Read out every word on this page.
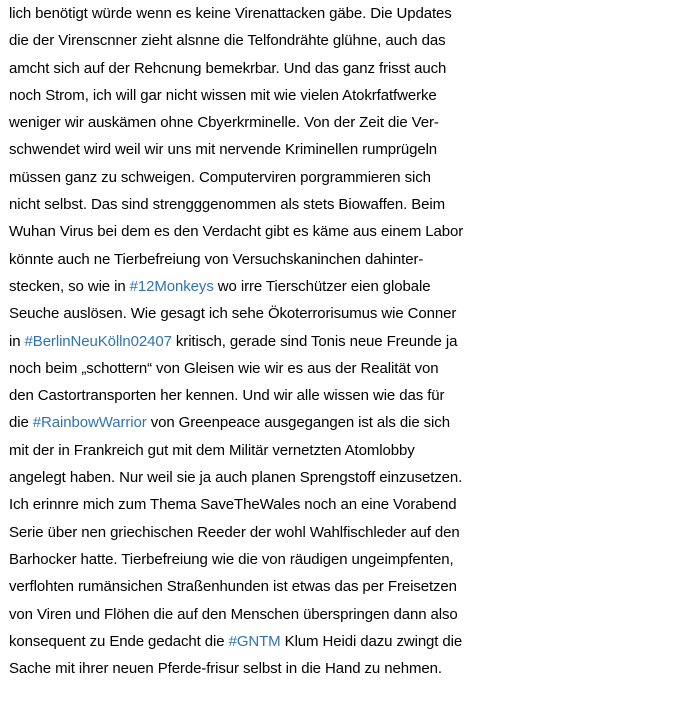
lich benötigt würde wenn es keine Virenattacken gäbe. Die Updates
die der Virenscnner zieht alsnne die Telfondrähte glühne, auch das
amcht sich auf der Rehcnung bemekrbar. Und das ganz frisst auch
noch Strom, ich will gar nicht wissen mit wie vielen Atokrfatfwerke
weniger wir auskämen ohne Cbyerkrminelle. Von der Zeit die Ver-
schwendet wird weil wir uns mit nervende Kriminellen rumprügeln
müssen ganz zu schweigen. Computerviren porgrammieren sich
nicht selbst. Das sind strengggenommen als stets Biowaffen. Beim
Wuhan Virus bei dem es den Verdacht gibt es käme aus einem Labor
könnte auch ne Tierbefreiung von Versuchskaninchen dahinter-
stecken, so wie in #12Monkeys wo irre Tierschützer eien globale
Seuche auslösen. Wie gesagt ich sehe Ökoterrorisumus wie Conner
in #BerlinNeuKölln02407 kritisch, gerade sind Tonis neue Freunde ja
noch beim „schottern“ von Gleisen wie wir es aus der Realität von
den Castortransporten her kennen. Und wir alle wissen wie das für
die #RainbowWarrior von Greenpeace ausgegangen ist als die sich
mit der in Frankreich gut mit dem Militär vernetzten Atomlobby
angelegt haben. Nur weil sie ja auch planen Sprengstoff einzusetzen.
Ich erinnre mich zum Thema SaveTheWales noch an eine Vorabend
Serie über nen griechischen Reeder der wohl Wahlfischleder auf den
Barhocker hatte. Tierbefreiung wie die von räudigen ungeimpfenten,
verflohten rumänsichen Straßenhunden ist etwas das per Freisetzen
von Viren und Flöhen die auf den Menschen überspringen dann also
konsequent zu Ende gedacht die #GNTM Klum Heidi dazu zwingt die
Sache mit ihrer neuen Pferde-frisur selbst in die Hand zu nehmen.
